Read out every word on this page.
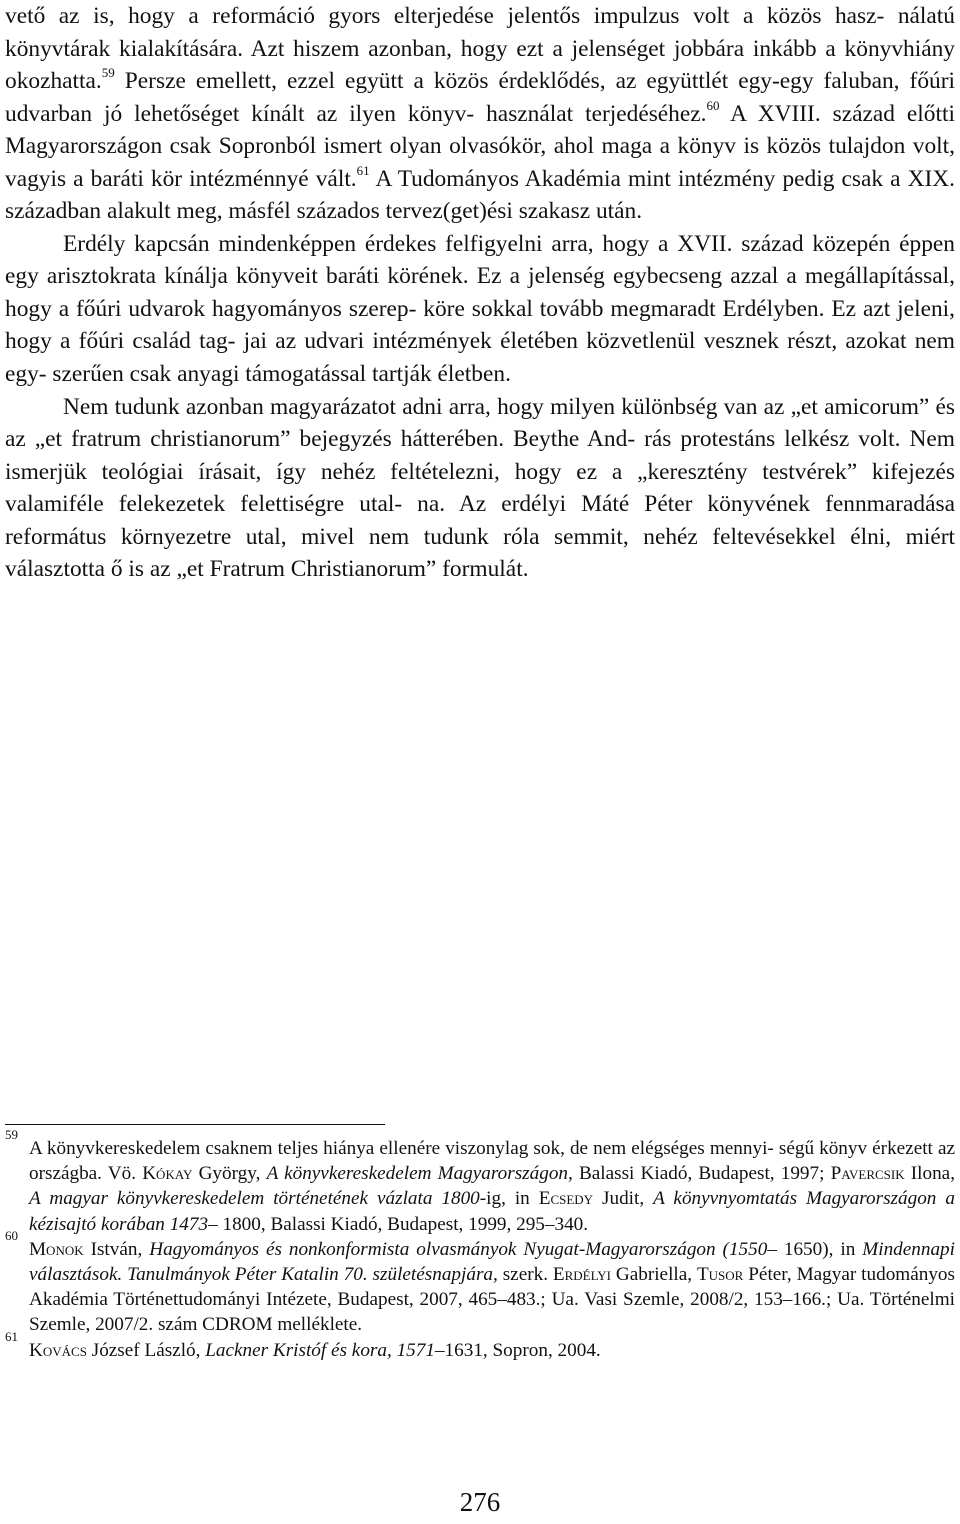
vető az is, hogy a reformáció gyors elterjedése jelentős impulzus volt a közös hasz- nálatú könyvtárak kialakítására. Azt hiszem azonban, hogy ezt a jelenséget jobbára inkább a könyvhiány okozhatta.$^{59}$ Persze emellett, ezzel együtt a közös érdeklődés, az együttlét egy-egy faluban, főúri udvarban jó lehetőséget kínált az ilyen könyv- használat terjedéséhez.$^{60}$ A XVIII. század előtti Magyarországon csak Sopronból ismert olyan olvasókör, ahol maga a könyv is közös tulajdon volt, vagyis a baráti kör intézménnyé vált.$^{61}$ A Tudományos Akadémia mint intézmény pedig csak a XIX. században alakult meg, másfél százados tervez(get)ési szakasz után.

Erdély kapcsán mindenképpen érdekes felfigyelni arra, hogy a XVII. század közepén éppen egy arisztokrata kínálja könyveit baráti körének. Ez a jelenség egybecseng azzal a megállapítással, hogy a főúri udvarok hagyományos szerep- köre sokkal tovább megmaradt Erdélyben. Ez azt jeleni, hogy a főúri család tag- jai az udvari intézmények életében közvetlenül vesznek részt, azokat nem egy- szerűen csak anyagi támogatással tartják életben.

Nem tudunk azonban magyarázatot adni arra, hogy milyen különbség van az „et amicorum” és az „et fratrum christianorum” bejegyzés hátterében. Beythe And- rás protestáns lelkész volt. Nem ismerjük teológiai írásait, így nehéz feltételezni, hogy ez a „keresztény testvérek” kifejezés valamiféle felekezetek felettiségre utal- na. Az erdélyi Máté Péter könyvének fennmaradása református környezetre utal, mivel nem tudunk róla semmit, nehéz feltevésekkel élni, miért választotta ő is az „et Fratrum Christianorum” formulát.

59
A könyvkereskedelem csaknem teljes hiánya ellenére viszonylag sok, de nem elégséges mennyi- ségű könyv érkezett az országba. Vö. Kókay György, A könyvkereskedelem Magyarországon, Balassi Kiadó, Budapest, 1997; Pavercsik Ilona, A magyar könyvkereskedelem történetének vázlata 1800-ig, in Ecsedy Judit, A könyvnyomtatás Magyarországon a kézisajtó korában 1473– 1800, Balassi Kiadó, Budapest, 1999, 295–340.
60
Monok István, Hagyományos és nonkonformista olvasmányok Nyugat-Magyarországon (1550– 1650), in Mindennapi választások. Tanulmányok Péter Katalin 70. születésnapjára, szerk. Erdélyi Gabriella, Tusor Péter, Magyar tudományos Akadémia Történettudományi Intézete, Budapest, 2007, 465–483.; Ua. Vasi Szemle, 2008/2, 153–166.; Ua. Történelmi Szemle, 2007/2. szám CDROM melléklete.
61
Kovács József László, Lackner Kristóf és kora, 1571–1631, Sopron, 2004.
276
